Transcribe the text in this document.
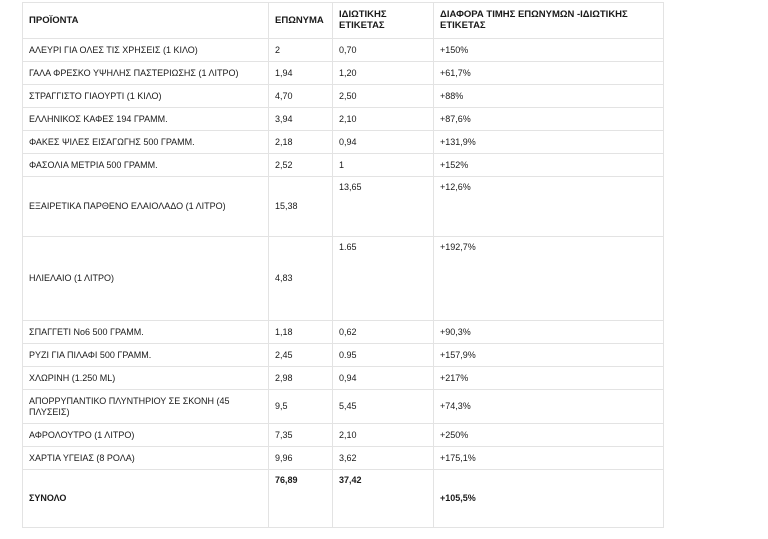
ΠΡΟΪΟΝΤΑ	ΕΠΩΝΥΜΑ	ΙΔΙΩΤΙΚΗΣ ΕΤΙΚΕΤΑΣ	ΔΙΑΦΟΡΑ ΤΙΜΗΣ ΕΠΩΝΥΜΩΝ -ΙΔΙΩΤΙΚΗΣ ΕΤΙΚΕΤΑΣ
ΑΛΕΥΡΙ ΓΙΑ ΟΛΕΣ ΤΙΣ ΧΡΗΣΕΙΣ (1 ΚΙΛΟ)	2	0,70	+150%
ΓΑΛΑ ΦΡΕΣΚΟ ΥΨΗΛΗΣ ΠΑΣΤΕΡΙΩΣΗΣ (1 ΛΙΤΡΟ)	1,94	1,20	+61,7%
ΣΤΡΑΓΓΙΣΤΟ ΓΙΑΟΥΡΤΙ (1 ΚΙΛΟ)	4,70	2,50	+88%
ΕΛΛΗΝΙΚΟΣ ΚΑΦΕΣ 194 ΓΡΑΜΜ.	3,94	2,10	+87,6%
ΦΑΚΕΣ ΨΙΛΕΣ ΕΙΣΑΓΩΓΗΣ 500 ΓΡΑΜΜ.	2,18	0,94	+131,9%
ΦΑΣΟΛΙΑ ΜΕΤΡΙΑ 500 ΓΡΑΜΜ.	2,52	1	+152%
ΕΞΑΙΡΕΤΙΚΑ ΠΑΡΘΕΝΟ ΕΛΑΙΟΛΑΔΟ (1 ΛΙΤΡΟ)	15,38	13,65	+12,6%
ΗΛΙΕΛΑΙΟ (1 ΛΙΤΡΟ)	4,83	1.65	+192,7%
ΣΠΑΓΓΕΤΙ Νο6 500 ΓΡΑΜΜ.	1,18	0,62	+90,3%
ΡΥΖΙ ΓΙΑ ΠΙΛΑΦΙ 500 ΓΡΑΜΜ.	2,45	0.95	+157,9%
ΧΛΩΡΙΝΗ (1.250 ML)	2,98	0,94	+217%
ΑΠΟΡΡΥΠΑΝΤΙΚΟ ΠΛΥΝΤΗΡΙΟΥ ΣΕ ΣΚΟΝΗ (45 ΠΛΥΣΕΙΣ)	9,5	5,45	+74,3%
ΑΦΡΟΛΟΥΤΡΟ (1 ΛΙΤΡΟ)	7,35	2,10	+250%
ΧΑΡΤΙΑ ΥΓΕΙΑΣ (8 ΡΟΛΑ)	9,96	3,62	+175,1%
ΣΥΝΟΛΟ	76,89	37,42	+105,5%
